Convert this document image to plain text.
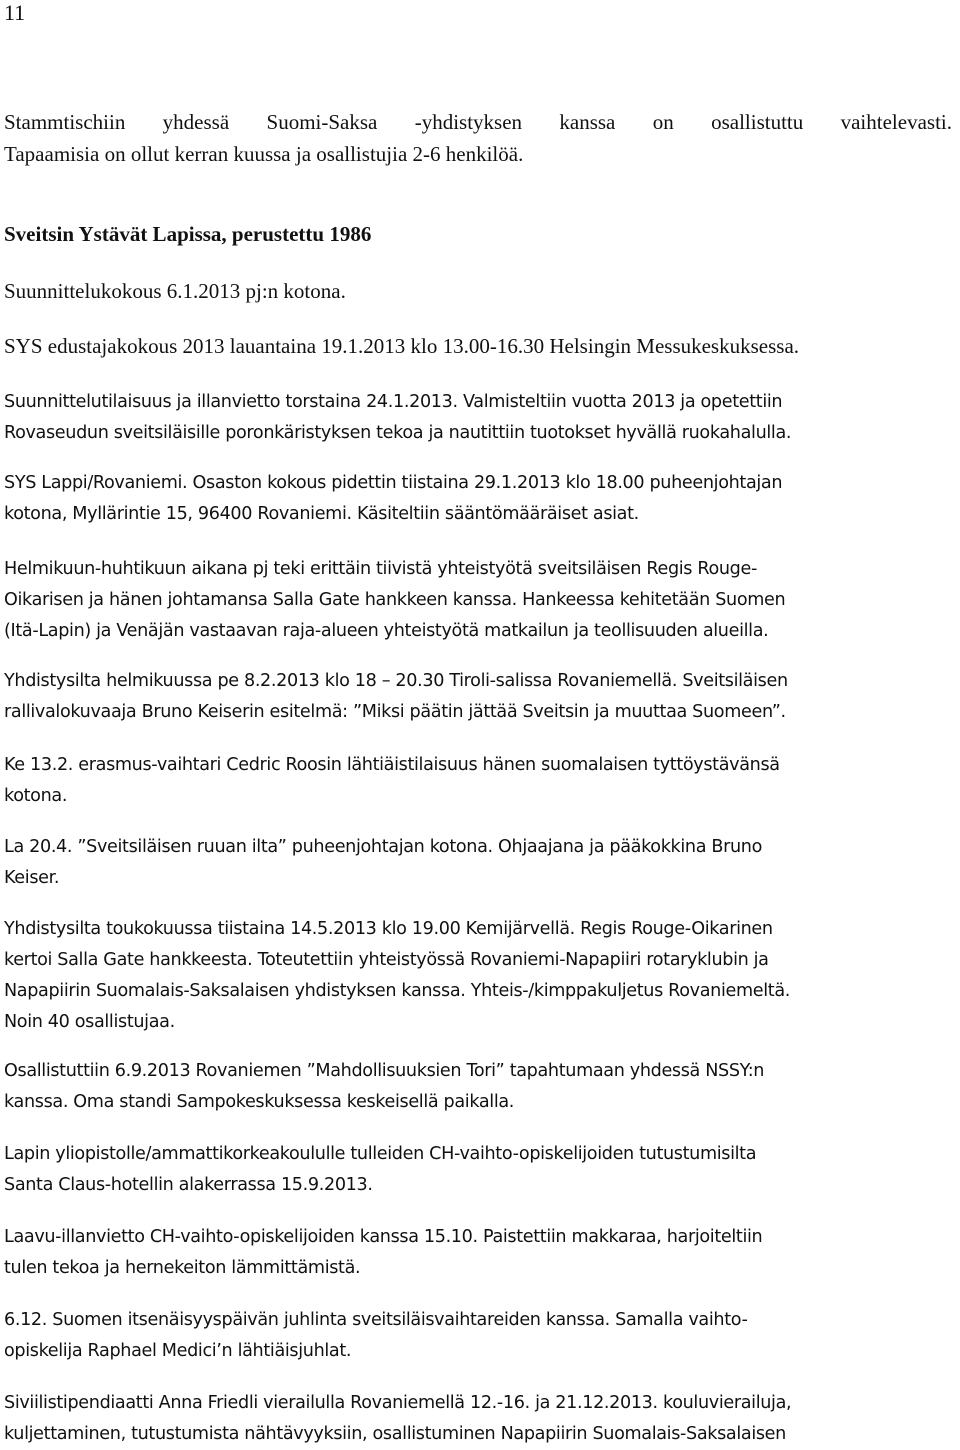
11

Stammtischiin yhdessä Suomi-Saksa -yhdistyksen kanssa on osallistuttu vaihtelevasti.
Tapaamisia on ollut kerran kuussa ja osallistujia 2-6 henkilöä.

Sveitsin Ystävät Lapissa, perustettu 1986

Suunnittelukokous 6.1.2013 pj:n kotona.

SYS edustajakokous 2013 lauantaina 19.1.2013 klo 13.00-16.30 Helsingin Messukeskuksessa.

Suunnittelutilaisuus ja illanvietto torstaina 24.1.2013. Valmisteltiin vuotta 2013 ja opetettiin
Rovaseudun sveitsiläisille poronkäristyksen tekoa ja nautittiin tuotokset hyvällä ruokahalulla.

SYS Lappi/Rovaniemi. Osaston kokous pidettin tiistaina 29.1.2013 klo 18.00 puheenjohtajan
kotona, Myllärintie 15, 96400 Rovaniemi. Käsiteltiin sääntömääräiset asiat.

Helmikuun-huhtikuun aikana pj teki erittäin tiivistä yhteistyötä sveitsiläisen Regis Rouge-
Oikarisen ja hänen johtamansa Salla Gate hankkeen kanssa. Hankeessa kehitetään Suomen
(Itä-Lapin) ja Venäjän vastaavan raja-alueen yhteistyötä matkailun ja teollisuuden alueilla.

Yhdistysilta helmikuussa pe 8.2.2013 klo 18 – 20.30 Tiroli-salissa Rovaniemellä. Sveitsiläisen
rallivalokuvaaja Bruno Keiserin esitelmä: ”Miksi päätin jättää Sveitsin ja muuttaa Suomeen”.

Ke 13.2. erasmus-vaihtari Cedric Roosin lähtiäistilaisuus hänen suomalaisen tyttöystävänsä
kotona.

La 20.4. ”Sveitsiläisen ruuan ilta” puheenjohtajan kotona. Ohjaajana ja pääkokkina Bruno
Keiser.

Yhdistysilta toukokuussa tiistaina 14.5.2013 klo 19.00 Kemijärvellä. Regis Rouge-Oikarinen
kertoi Salla Gate hankkeesta. Toteutettiin yhteistyössä Rovaniemi-Napapiiri rotaryklubin ja
Napapiirin Suomalais-Saksalaisen yhdistyksen kanssa. Yhteis-/kimppakuljetus Rovaniemeltä.
Noin 40 osallistujaa.

Osallistuttiin 6.9.2013 Rovaniemen ”Mahdollisuuksien Tori” tapahtumaan yhdessä NSSY:n
kanssa. Oma standi Sampokeskuksessa keskeisellä paikalla.

Lapin yliopistolle/ammattikorkeakoululle tulleiden CH-vaihto-opiskelijoiden tutustumisilta
Santa Claus-hotellin alakerrassa 15.9.2013.

Laavu-illanvietto CH-vaihto-opiskelijoiden kanssa 15.10. Paistettiin makkaraa, harjoiteltiin
tulen tekoa ja hernekeiton lämmittämistä.

6.12. Suomen itsenäisyyspäivän juhlinta sveitsiläisvaihtareiden kanssa. Samalla vaihto-
opiskelija Raphael Medici’n lähtiäisjuhlat.

Siviilistipendiaatti Anna Friedli vierailulla Rovaniemellä 12.-16. ja 21.12.2013. kouluvierailuja,
kuljettaminen, tutustumista nähtävyyksiin, osallistuminen Napapiirin Suomalais-Saksalaisen
